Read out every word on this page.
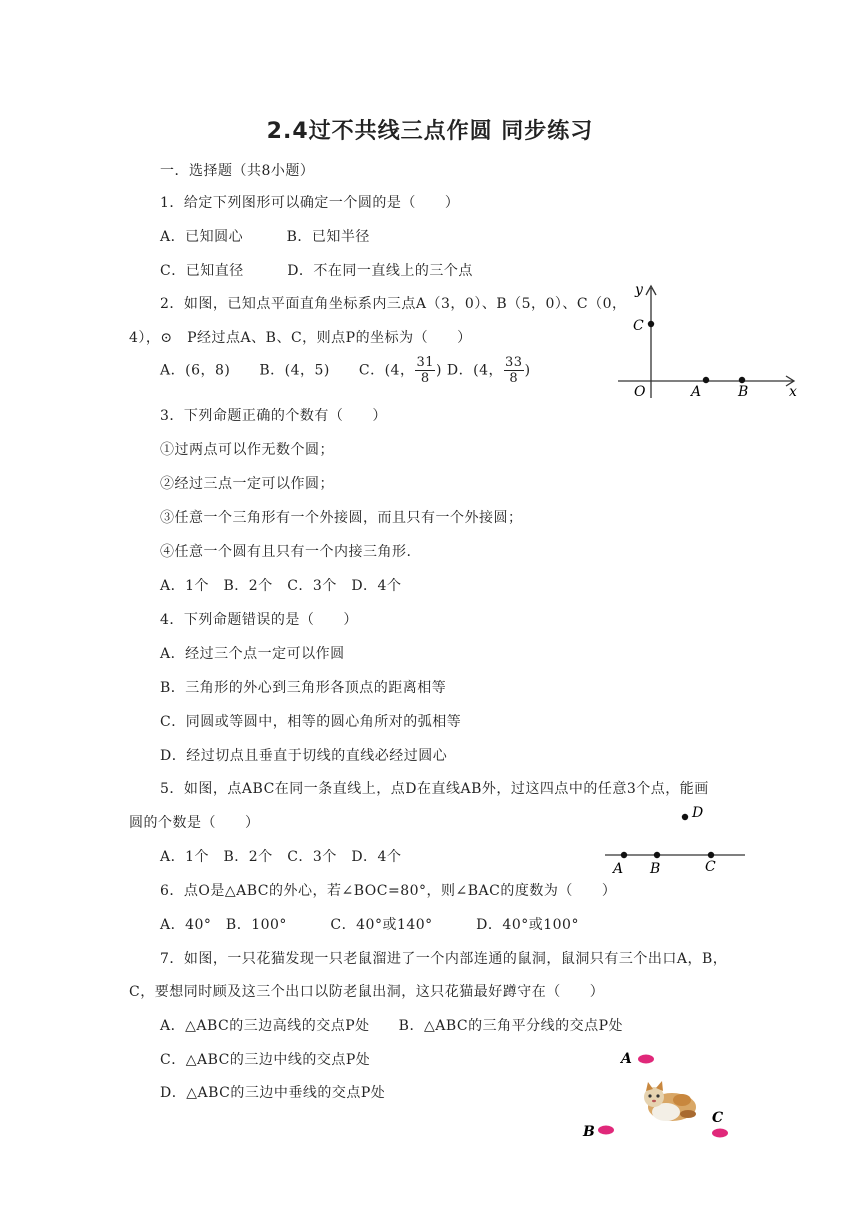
2.4过不共线三点作圆 同步练习
一．选择题（共8小题）
1．给定下列图形可以确定一个圆的是（　　）
A．已知圆心　　　B．已知半径
C．已知直径　　　D．不在同一直线上的三个点
2．如图，已知点平面直角坐标系内三点A（3，0）、B（5，0）、C（0，
4），⊙　P经过点A、B、C，则点P的坐标为（　　）
A．(6，8)　　B．(4，5)　　C．(4， $\frac{31}{8}$ ) D．(4， $\frac{33}{8}$ )
y
x
O
C
A	B
3．下列命题正确的个数有（　　）
①过两点可以作无数个圆；
②经过三点一定可以作圆；
③任意一个三角形有一个外接圆，而且只有一个外接圆；
④任意一个圆有且只有一个内接三角形.
A．1个　B．2个　C．3个　D．4个
4．下列命题错误的是（　　）
A．经过三个点一定可以作圆
B．三角形的外心到三角形各顶点的距离相等
C．同圆或等圆中，相等的圆心角所对的弧相等
D．经过切点且垂直于切线的直线必经过圆心
5．如图，点ABC在同一条直线上，点D在直线AB外，过这四点中的任意3个点，能画
圆的个数是（　　）
A．1个　B．2个　C．3个　D．4个
A B	C
D
6．点O是△ABC的外心，若∠BOC=80°，则∠BAC的度数为（　　）
A．40°　B．100°　　　C．40°或140°　　　D．40°或100°
7．如图，一只花猫发现一只老鼠溜进了一个内部连通的鼠洞，鼠洞只有三个出口A，B，
C，要想同时顾及这三个出口以防老鼠出洞，这只花猫最好蹲守在（　　）
A．△ABC的三边高线的交点P处　　B．△ABC的三角平分线的交点P处
C．△ABC的三边中线的交点P处
D．△ABC的三边中垂线的交点P处
A
B
C
